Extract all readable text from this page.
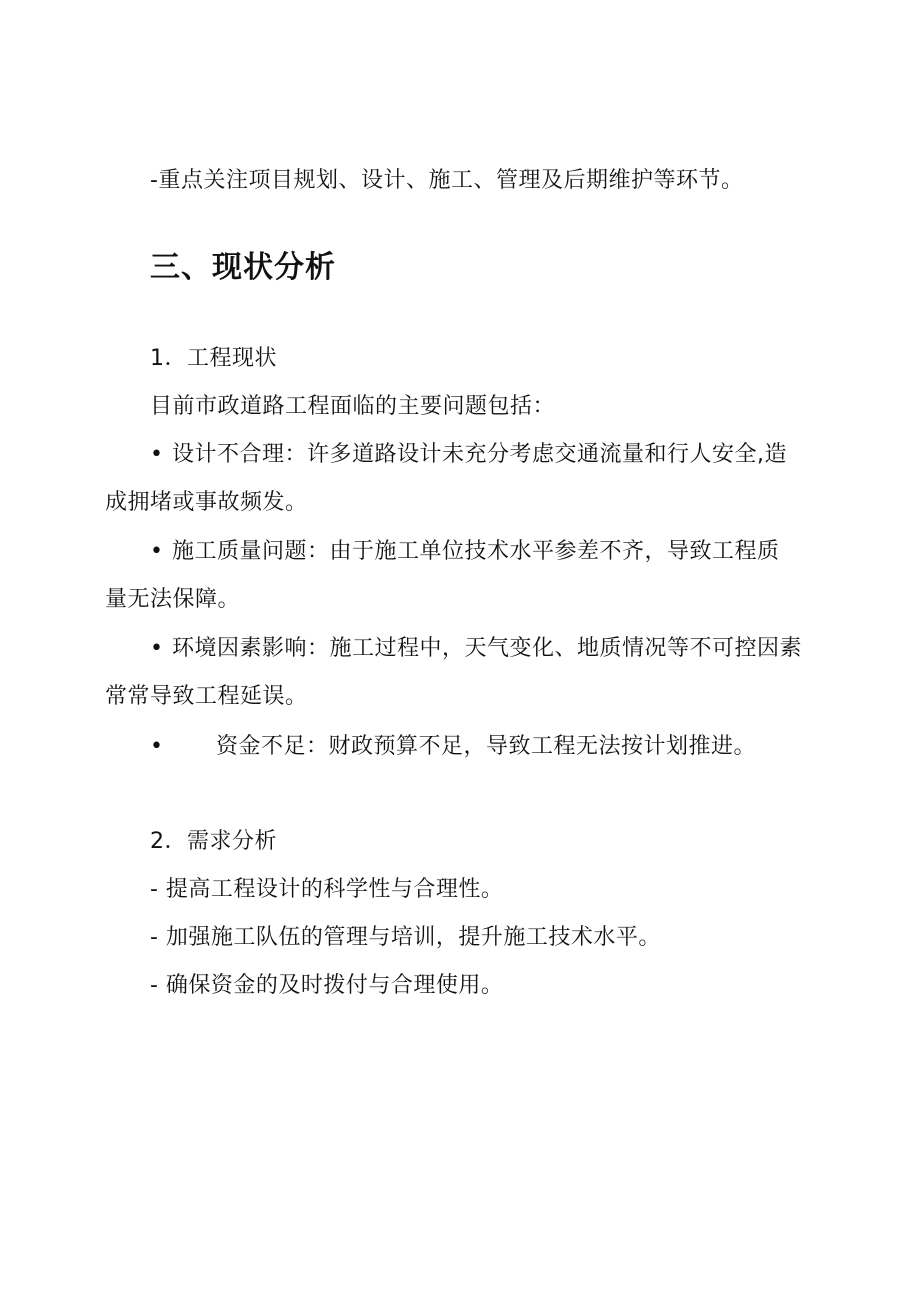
-重点关注项目规划、设计、施工、管理及后期维护等环节。
三、现状分析
1．工程现状
目前市政道路工程面临的主要问题包括：
• 设计不合理：许多道路设计未充分考虑交通流量和行人安全,造
成拥堵或事故频发。
• 施工质量问题：由于施工单位技术水平参差不齐，导致工程质
量无法保障。
• 环境因素影响：施工过程中，天气变化、地质情况等不可控因素
常常导致工程延误。
• 资金不足：财政预算不足，导致工程无法按计划推进。
2．需求分析
- 提高工程设计的科学性与合理性。
- 加强施工队伍的管理与培训，提升施工技术水平。
- 确保资金的及时拨付与合理使用。
